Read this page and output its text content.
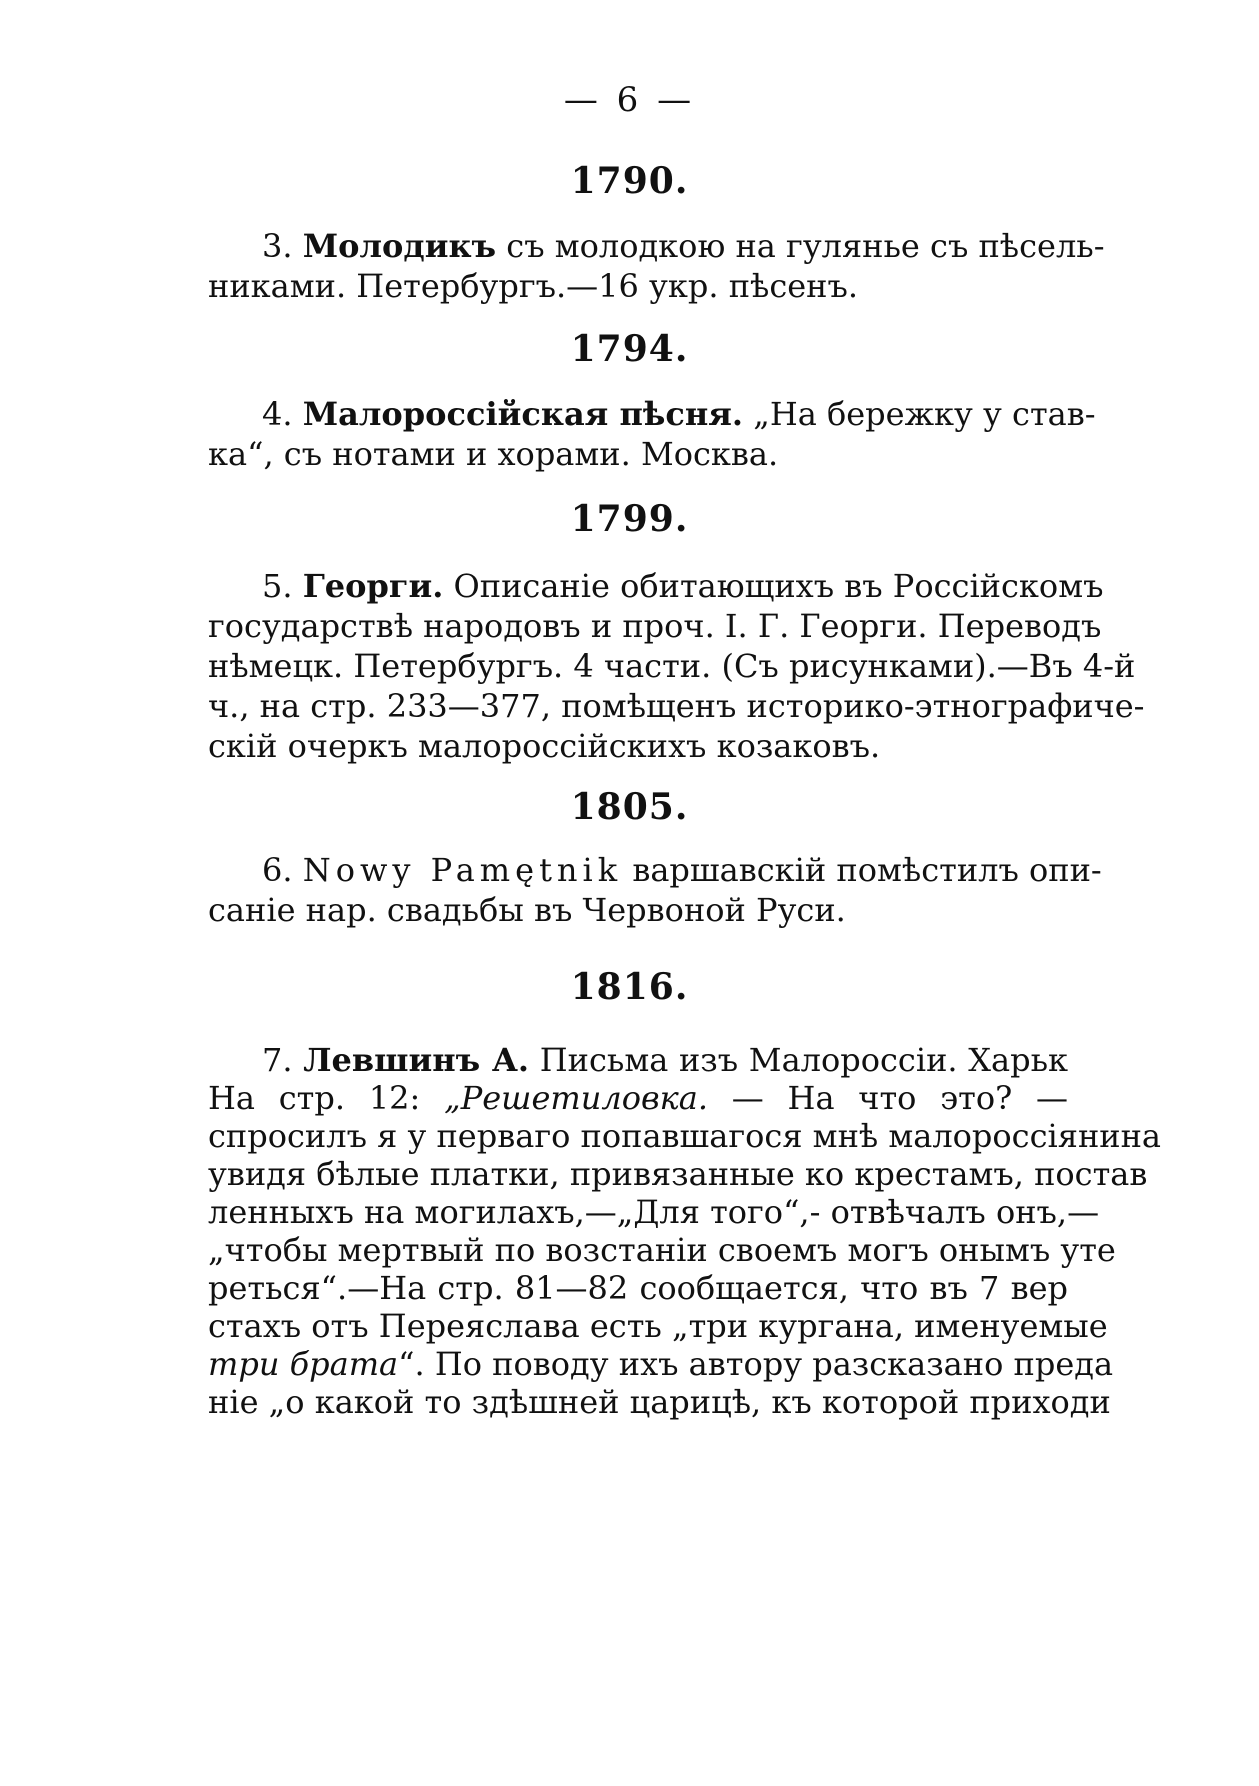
— 6 —
1790.
3. Молодикъ съ молодкою на гулянье съ пѣсель-
никами. Петербургъ.—16 укр. пѣсенъ.
1794.
4. Малороссійская пѣсня. „На бережку у став-
ка“, съ нотами и хорами. Москва.
1799.
5. Георги. Описаніе обитающихъ въ Россійскомъ
государствѣ народовъ и проч. І. Г. Георги. Переводъ
нѣмецк. Петербургъ. 4 части. (Съ рисунками).—Въ 4-й
ч., на стр. 233—377, помѣщенъ историко-этнографиче-
скій очеркъ малороссійскихъ козаковъ.
1805.
6. Nowy Pamętnik варшавскій помѣстилъ опи-
саніе нар. свадьбы въ Червоной Руси.
1816.
7. Левшинъ А. Письма изъ Малороссіи. Харьк
На стр. 12: „Решетиловка. — На что это? —
спросилъ я у перваго попавшагося мнѣ малороссіянина
увидя бѣлые платки, привязанные ко крестамъ, постав
ленныхъ на могилахъ,—„Для того“,- отвѣчалъ онъ,—
„чтобы мертвый по возстаніи своемъ могъ онымъ уте
реться“.—На стр. 81—82 сообщается, что въ 7 вер
стахъ отъ Переяслава есть „три кургана, именуемые
три брата“. По поводу ихъ автору разсказано преда
ніе „о какой то здѣшней царицѣ, къ которой приходи
